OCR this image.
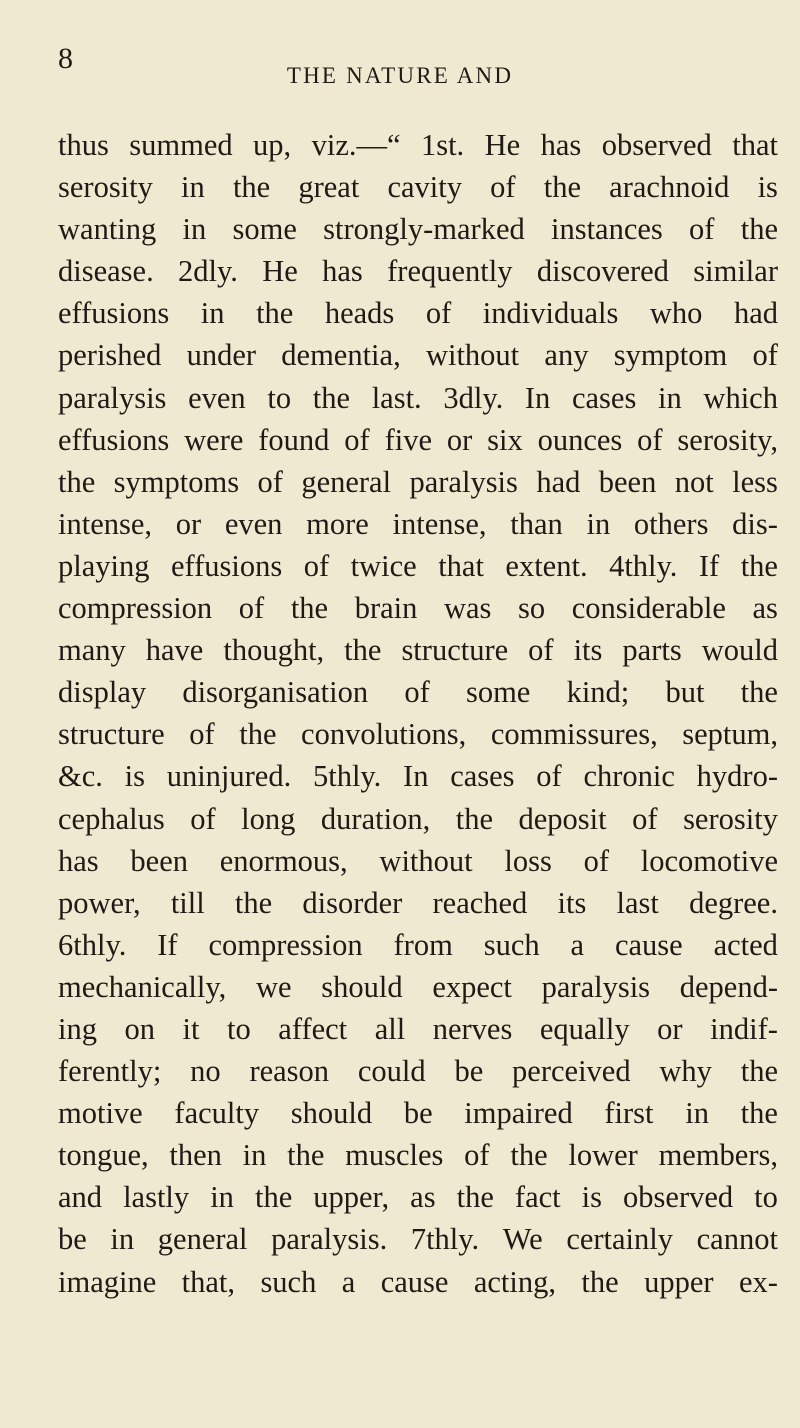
8
THE NATURE AND
thus summed up, viz.—“ 1st. He has observed that
serosity in the great cavity of the arachnoid is
wanting in some strongly-marked instances of the
disease. 2dly. He has frequently discovered similar
effusions in the heads of individuals who had
perished under dementia, without any symptom of
paralysis even to the last. 3dly. In cases in which
effusions were found of five or six ounces of serosity,
the symptoms of general paralysis had been not less
intense, or even more intense, than in others dis-
playing effusions of twice that extent. 4thly. If the
compression of the brain was so considerable as
many have thought, the structure of its parts would
display disorganisation of some kind; but the
structure of the convolutions, commissures, septum,
&c. is uninjured. 5thly. In cases of chronic hydro-
cephalus of long duration, the deposit of serosity
has been enormous, without loss of locomotive
power, till the disorder reached its last degree.
6thly. If compression from such a cause acted
mechanically, we should expect paralysis depend-
ing on it to affect all nerves equally or indif-
ferently; no reason could be perceived why the
motive faculty should be impaired first in the
tongue, then in the muscles of the lower members,
and lastly in the upper, as the fact is observed to
be in general paralysis. 7thly. We certainly cannot
imagine that, such a cause acting, the upper ex-
